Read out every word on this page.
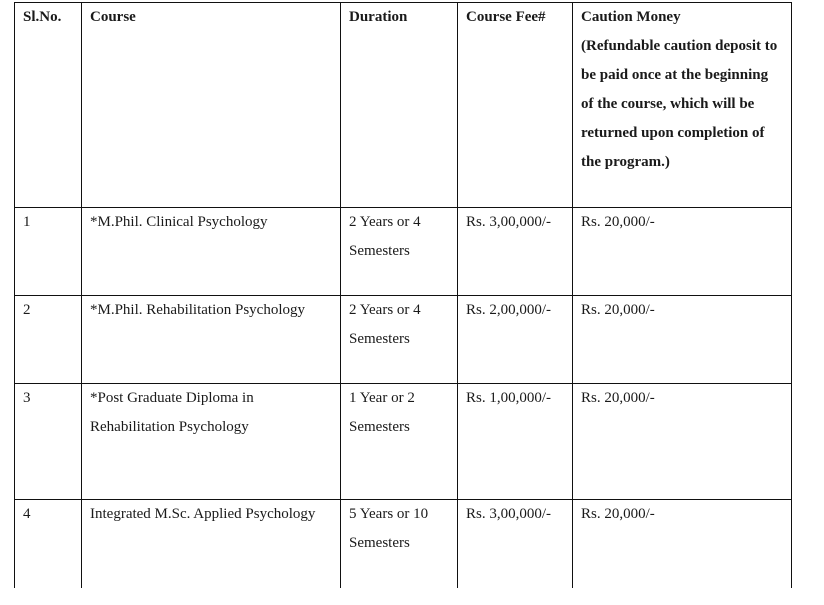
Sl.No.	Course	Duration	Course Fee#	Caution Money
(Refundable caution deposit to be paid once at the beginning of the course, which will be returned upon completion of the program.)

1	*M.Phil. Clinical Psychology	2 Years or 4 Semesters	Rs. 3,00,000/-	Rs. 20,000/-
2	*M.Phil. Rehabilitation Psychology	2 Years or 4 Semesters	Rs. 2,00,000/-	Rs. 20,000/-
3	*Post Graduate Diploma in Rehabilitation Psychology	1 Year or 2 Semesters	Rs. 1,00,000/-	Rs. 20,000/-
4	Integrated M.Sc. Applied Psychology	5 Years or 10 Semesters	Rs. 3,00,000/-	Rs. 20,000/-
